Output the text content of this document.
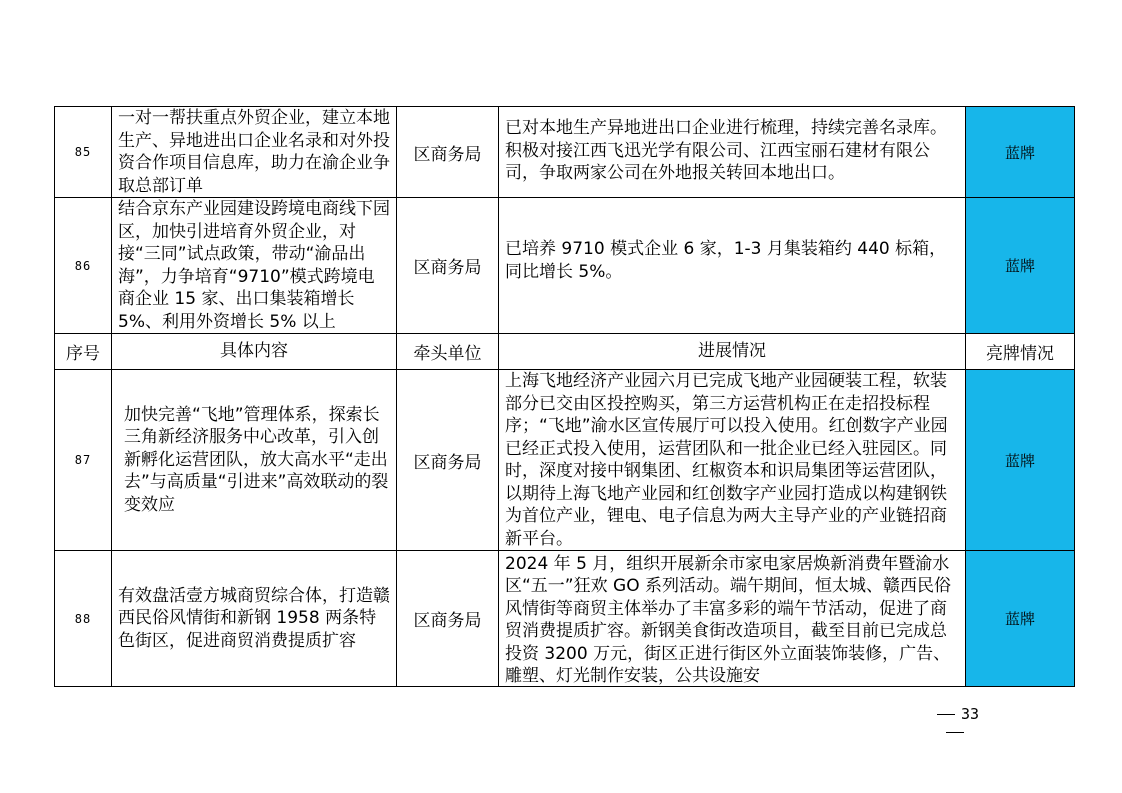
85	一对一帮扶重点外贸企业，建立本地生产、异地进出口企业名录和对外投资合作项目信息库，助力在渝企业争取总部订单	区商务局	已对本地生产异地进出口企业进行梳理，持续完善名录库。积极对接江西飞迅光学有限公司、江西宝丽石建材有限公司，争取两家公司在外地报关转回本地出口。	蓝牌
86	结合京东产业园建设跨境电商线下园区，加快引进培育外贸企业，对接“三同”试点政策，带动“渝品出海”，力争培育“9710”模式跨境电商企业 15 家、出口集装箱增长 5%、利用外资增长 5% 以上	区商务局	已培养 9710 模式企业 6 家，1-3 月集装箱约 440 标箱，同比增长 5%。	蓝牌
序号	具体内容	牵头单位	进展情况	亮牌情况
87	加快完善“飞地”管理体系，探索长三角新经济服务中心改革，引入创新孵化运营团队，放大高水平“走出去”与高质量“引进来”高效联动的裂变效应	区商务局	上海飞地经济产业园六月已完成飞地产业园硬装工程，软装部分已交由区投控购买，第三方运营机构正在走招投标程序；“飞地”渝水区宣传展厅可以投入使用。红创数字产业园已经正式投入使用，运营团队和一批企业已经入驻园区。同时，深度对接中钢集团、红椒资本和识局集团等运营团队，以期待上海飞地产业园和红创数字产业园打造成以构建钢铁为首位产业，锂电、电子信息为两大主导产业的产业链招商新平台。	蓝牌
88	有效盘活壹方城商贸综合体，打造赣西民俗风情街和新钢 1958 两条特色街区，促进商贸消费提质扩容	区商务局	2024 年 5 月，组织开展新余市家电家居焕新消费年暨渝水区“五一”狂欢 GO 系列活动。端午期间，恒太城、赣西民俗风情街等商贸主体举办了丰富多彩的端午节活动，促进了商贸消费提质扩容。新钢美食街改造项目，截至目前已完成总投资 3200 万元，街区正进行街区外立面装饰装修，广告、雕塑、灯光制作安装，公共设施安	蓝牌
33
